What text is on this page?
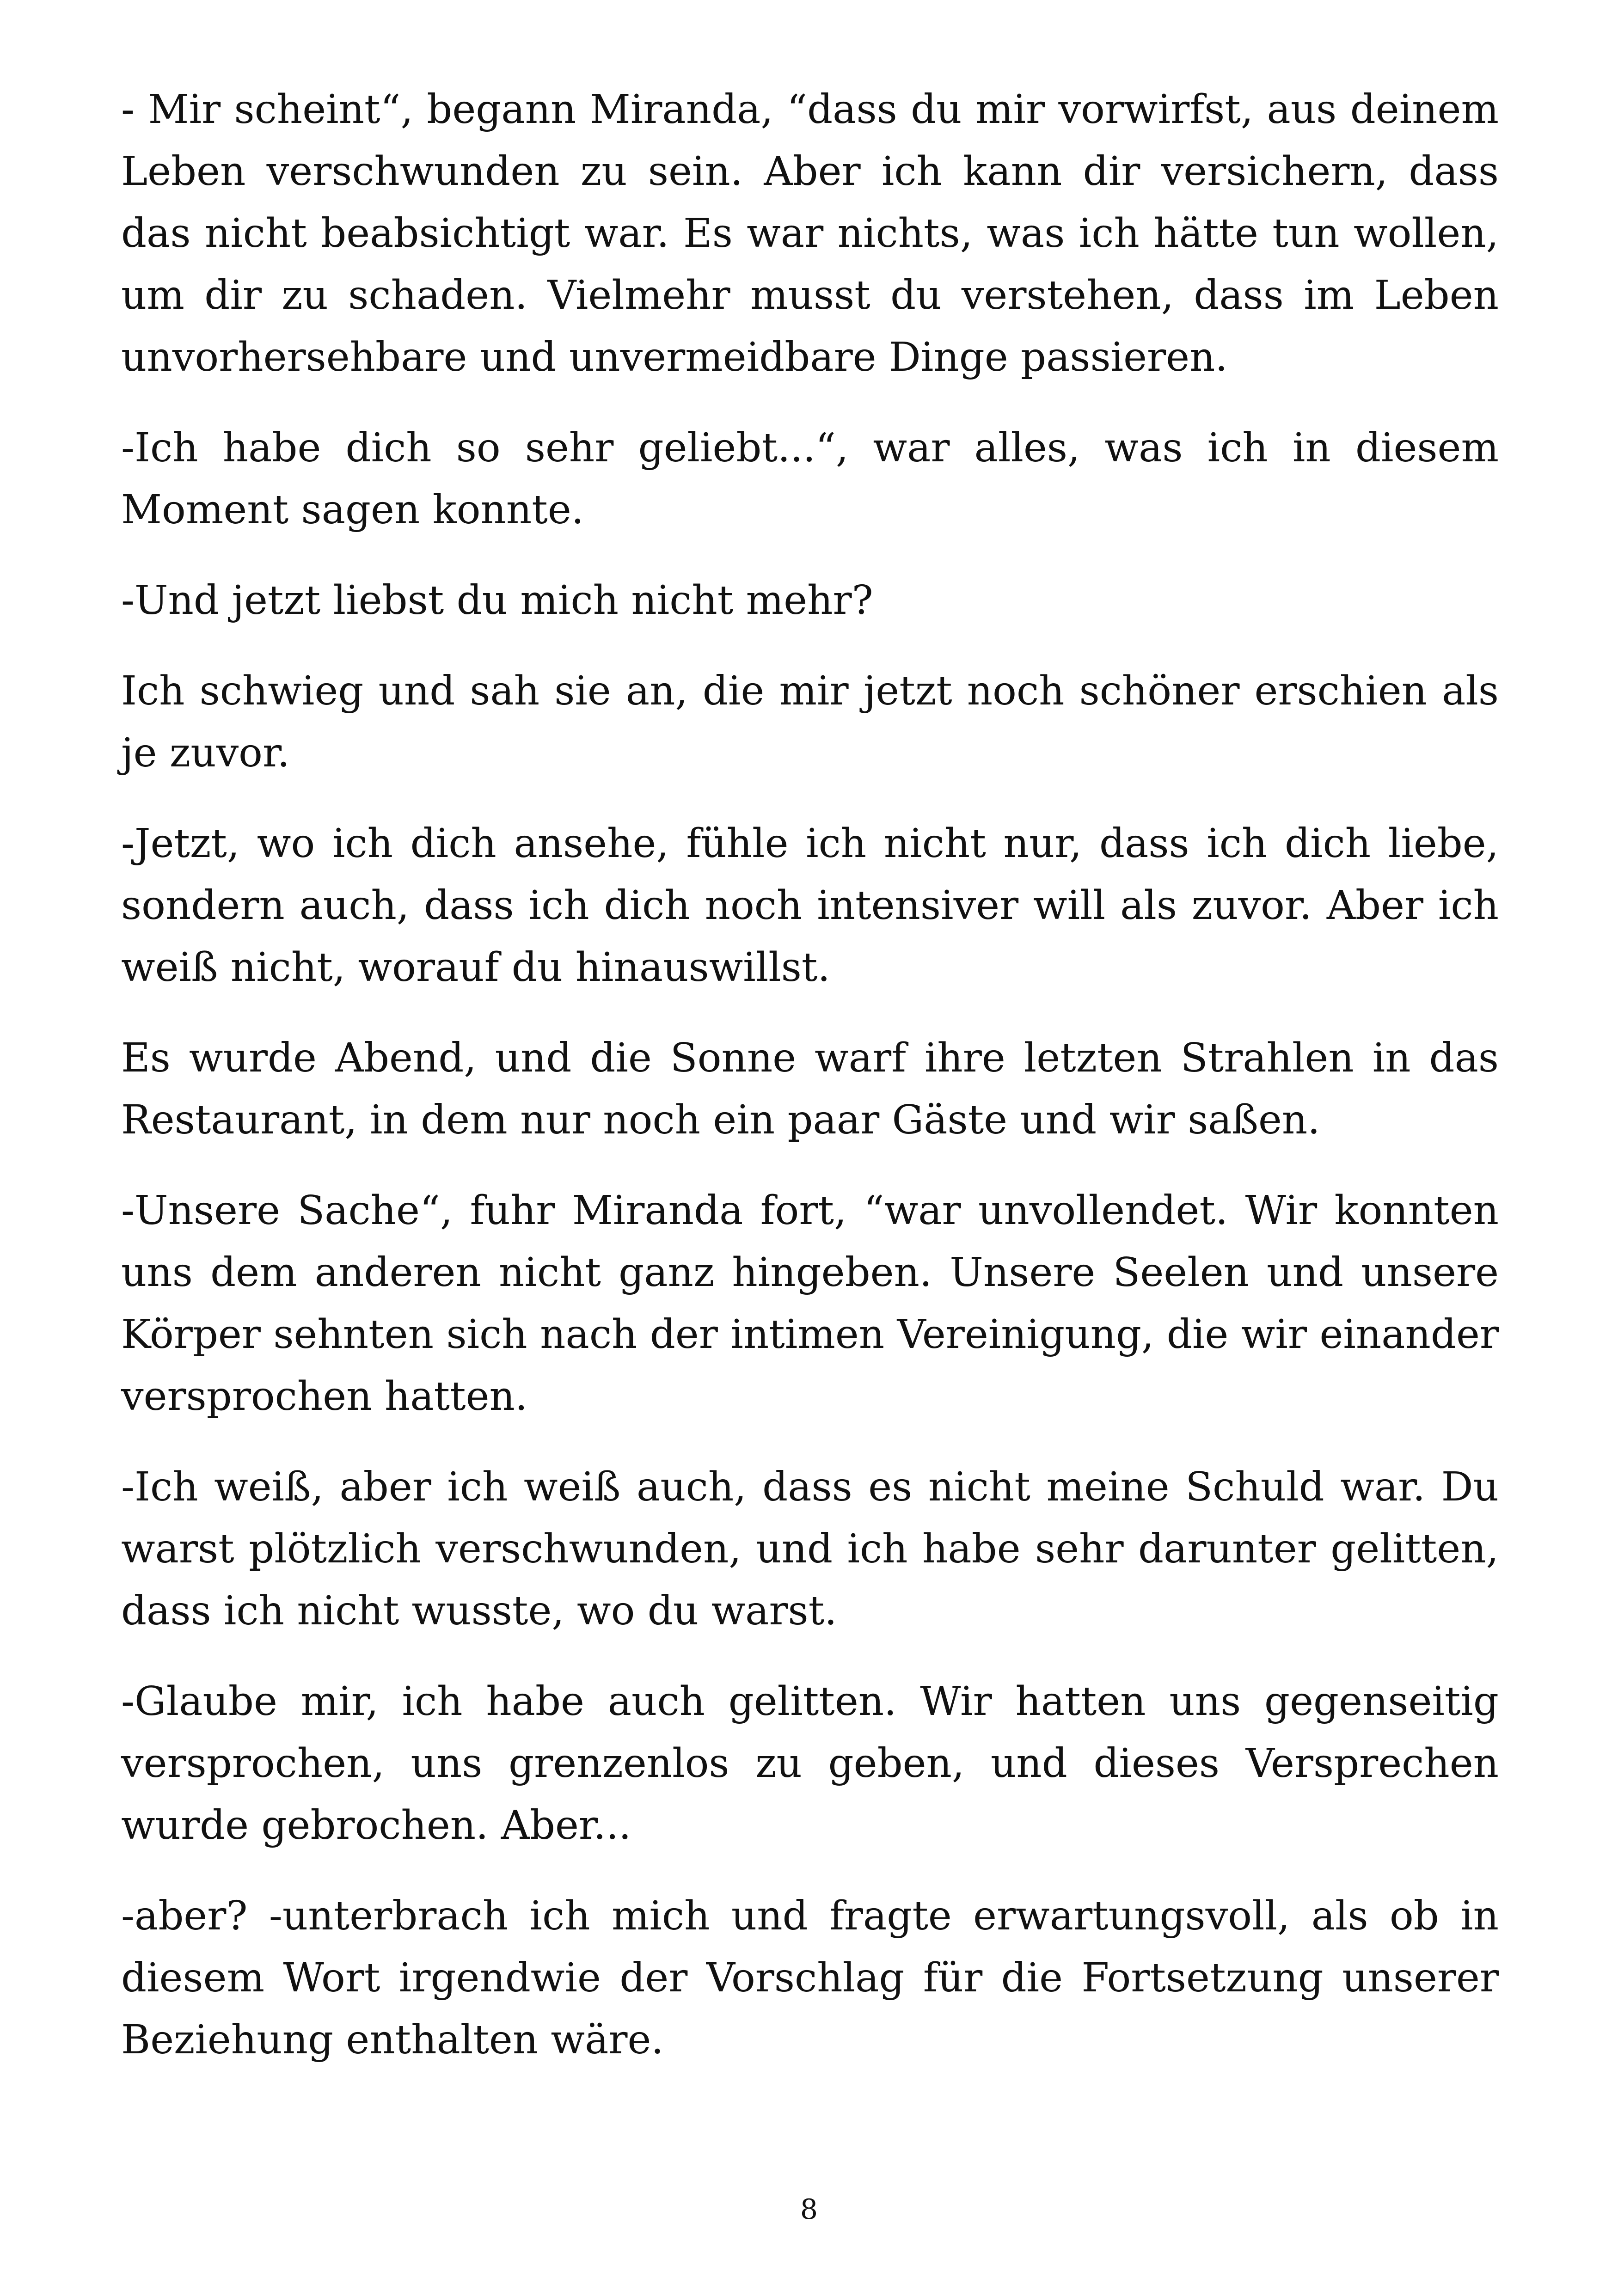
- Mir scheint“, begann Miranda, “dass du mir vorwirfst, aus deinem Leben verschwunden zu sein. Aber ich kann dir versichern, dass das nicht beabsichtigt war. Es war nichts, was ich hätte tun wollen, um dir zu schaden. Vielmehr musst du verstehen, dass im Leben unvorhersehbare und unvermeidbare Dinge passieren.

-Ich habe dich so sehr geliebt...“, war alles, was ich in diesem Moment sagen konnte.

-Und jetzt liebst du mich nicht mehr?

Ich schwieg und sah sie an, die mir jetzt noch schöner erschien als je zuvor.

-Jetzt, wo ich dich ansehe, fühle ich nicht nur, dass ich dich liebe, sondern auch, dass ich dich noch intensiver will als zuvor. Aber ich weiß nicht, worauf du hinauswillst.

Es wurde Abend, und die Sonne warf ihre letzten Strahlen in das Restaurant, in dem nur noch ein paar Gäste und wir saßen.

-Unsere Sache“, fuhr Miranda fort, “war unvollendet. Wir konnten uns dem anderen nicht ganz hingeben. Unsere Seelen und unsere Körper sehnten sich nach der intimen Vereinigung, die wir einander versprochen hatten.

-Ich weiß, aber ich weiß auch, dass es nicht meine Schuld war. Du warst plötzlich verschwunden, und ich habe sehr darunter gelitten, dass ich nicht wusste, wo du warst.

-Glaube mir, ich habe auch gelitten. Wir hatten uns gegenseitig versprochen, uns grenzenlos zu geben, und dieses Versprechen wurde gebrochen. Aber...

-aber? -unterbrach ich mich und fragte erwartungsvoll, als ob in diesem Wort irgendwie der Vorschlag für die Fortsetzung unserer Beziehung enthalten wäre.

8
